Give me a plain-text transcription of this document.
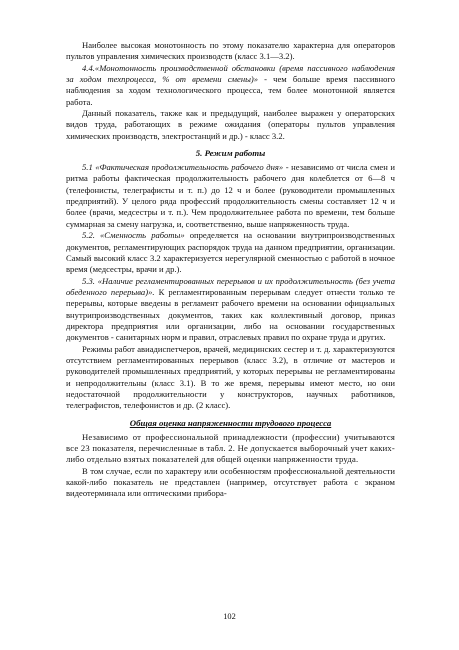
Наиболее высокая монотонность по этому показателю характерна для операторов пультов управления химических производств (класс 3.1—3.2).

4.4.«Монотонность производственной обстановки (время пассивного наблюдения за ходом техпроцесса, % от времени смены)» - чем больше время пассивного наблюдения за ходом технологического процесса, тем более монотонной является работа.

Данный показатель, также как и предыдущий, наиболее выражен у операторских видов труда, работающих в режиме ожидания (операторы пультов управления химических производств, электростанций и др.) - класс 3.2.

5. Режим работы

5.1 «Фактическая продолжительность рабочего дня» - независимо от числа смен и ритма работы фактическая продолжительность рабочего дня колеблется от 6—8 ч (телефонисты, телеграфисты и т. п.) до 12 ч и более (руководители промышленных предприятий). У целого ряда профессий продолжительность смены составляет 12 ч и более (врачи, медсестры и т. п.). Чем продолжительнее работа по времени, тем больше суммарная за смену нагрузка, и, соответственно, выше напряженность труда.

5.2. «Сменность работы» определяется на основании внутрипроизводственных документов, регламентирующих распорядок труда на данном предприятии, организации. Самый высокий класс 3.2 характеризуется нерегулярной сменностью с работой в ночное время (медсестры, врачи и др.).

5.3. «Наличие регламентированных перерывов и их продолжительность (без учета обеденного перерыва)». К регламентированным перерывам следует отнести только те перерывы, которые введены в регламент рабочего времени на основании официальных внутрипроизводственных документов, таких как коллективный договор, приказ директора предприятия или организации, либо на основании государственных документов - санитарных норм и правил, отраслевых правил по охране труда и других.

Режимы работ авиадиспетчеров, врачей, медицинских сестер и т. д. характеризуются отсутствием регламентированных перерывов (класс 3.2), в отличие от мастеров и руководителей промышленных предприятий, у которых перерывы не регламентированы и непродолжительны (класс 3.1). В то же время, перерывы имеют место, но они недостаточной продолжительности у конструкторов, научных работников, телеграфистов, телефонистов и др. (2 класс).

Общая оценка напряженности трудового процесса

Независимо от профессиональной принадлежности (профессии) учитываются все 23 показателя, перечисленные в табл. 2. Не допускается выборочный учет каких-либо отдельно взятых показателей для общей оценки напряженности труда.

В том случае, если по характеру или особенностям профессиональной деятельности какой-либо показатель не представлен (например, отсутствует работа с экраном видеотерминала или оптическими прибора-

102
